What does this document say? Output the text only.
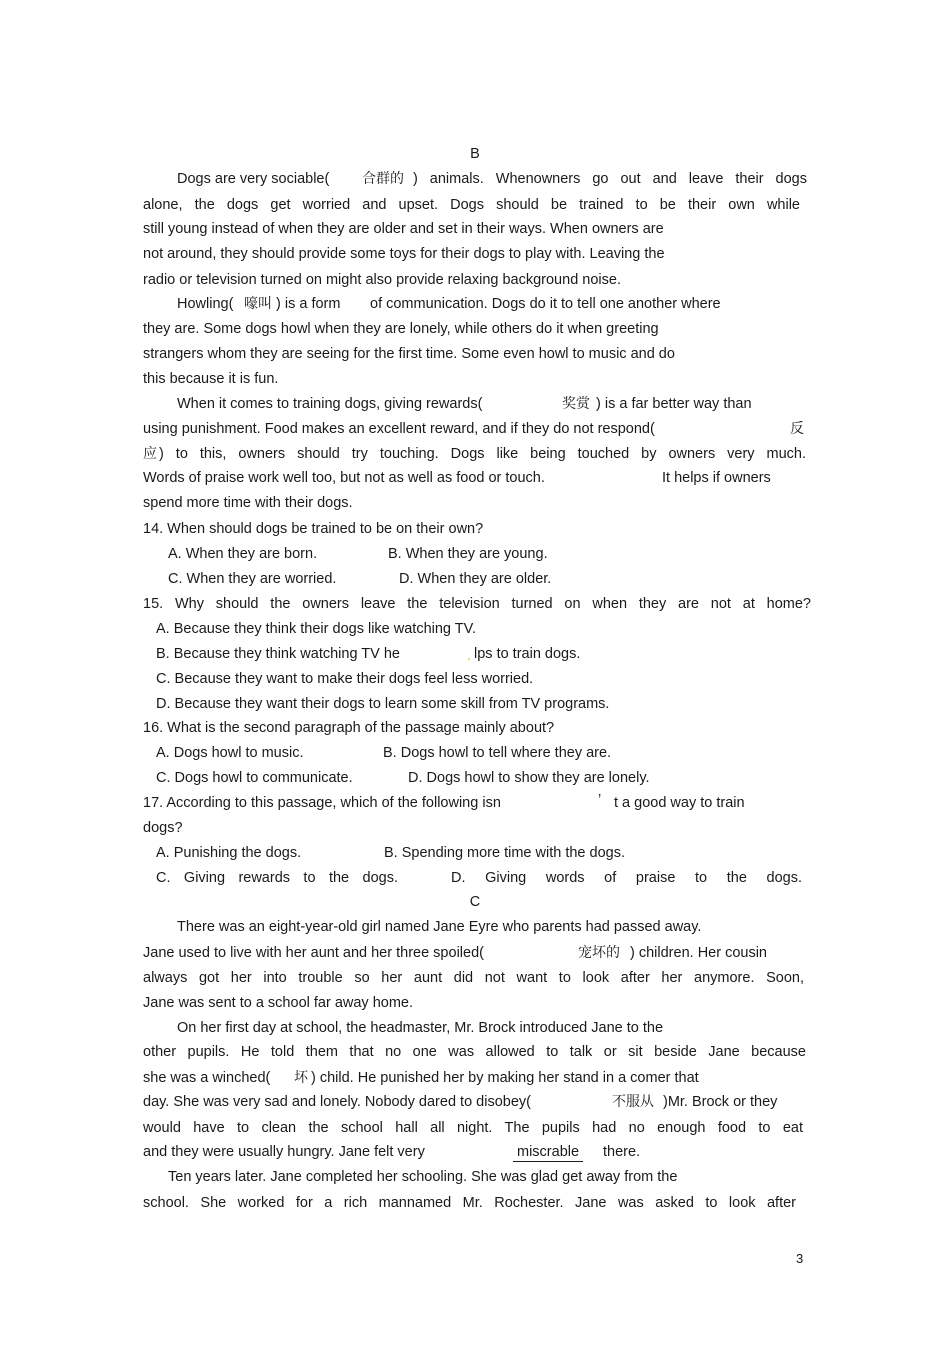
B
Dogs are very sociable(	合群的 ) animals. Whenowners go out and leave their dogs
alone, the dogs get worried and upset. Dogs should be trained to be their own while
still young instead of when they are older and set in their ways. When owners are
not around, they should provide some toys for their dogs to play with. Leaving the
radio or television turned on might also provide relaxing background noise.
Howling( 嚎叫 ) is a form of communication. Dogs do it to tell one another where
they are. Some dogs howl when they are lonely, while others do it when greeting
strangers whom they are seeing for the first time. Some even howl to music and do
this because it is fun.
When it comes to training dogs, giving rewards(	奖赏 ) is a far better way than
using punishment. Food makes an excellent reward, and if they do not respond(	反
应 ) to this, owners should try touching. Dogs like being touched by owners very much.
Words of praise work well too, but not as well as food or touch.	It helps if owners
spend more time with their dogs.
14. When should dogs be trained to be on their own?
A. When they are born.	B. When they are young.
C. When they are worried.	D. When they are older.
15. Why should the owners leave the television turned on when they are not at home?
A. Because they think their dogs like watching TV.
B. Because they think watching TV he	. lps to train dogs.
C. Because they want to make their dogs feel less worried.
D. Because they want their dogs to learn some skill from TV programs.
16. What is the second paragraph of the passage mainly about?
A. Dogs howl to music.	B. Dogs howl to tell where they are.
C. Dogs howl to communicate.	D. Dogs howl to show they are lonely.
17. According to this passage, which of the following isn	’ t a good way to train
dogs?
A. Punishing the dogs.	B. Spending more time with the dogs.
C. Giving rewards to the dogs.	D. Giving words of praise to the dogs.
C
There was an eight-year-old girl named Jane Eyre who parents had passed away.
Jane used to live with her aunt and her three spoiled(	宠坏的 ) children. Her cousin
always got her into trouble so her aunt did not want to look after her anymore. Soon,
Jane was sent to a school far away home.
On her first day at school, the headmaster, Mr. Brock introduced Jane to the
other pupils. He told them that no one was allowed to talk or sit beside Jane because
she was a winched( 坏 ) child. He punished her by making her stand in a comer that
day. She was very sad and lonely. Nobody dared to disobey(	不服从 )Mr. Brock or they
would have to clean the school hall all night. The pupils had no enough food to eat
and they were usually hungry. Jane felt very	miscrable there.
Ten years later. Jane completed her schooling. She was glad get away from the
school. She worked for a rich mannamed Mr. Rochester. Jane was asked to look after
3
